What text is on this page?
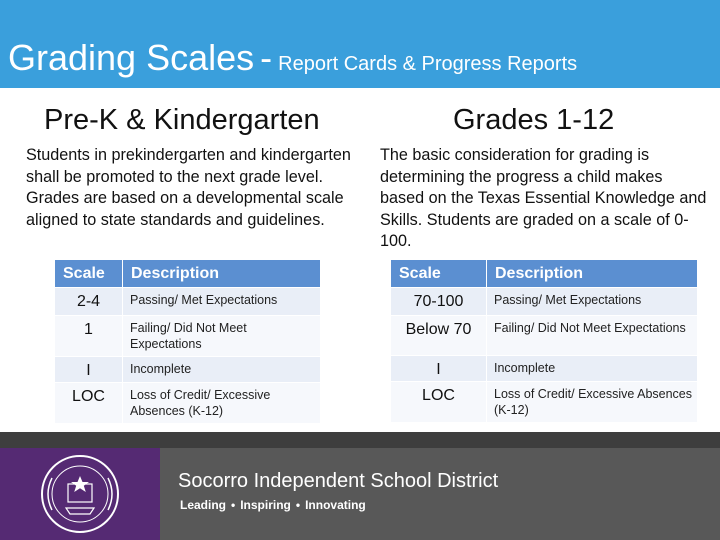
Grading Scales - Report Cards & Progress Reports
Pre-K & Kindergarten	Grades 1-12
Students in prekindergarten and kindergarten shall be promoted to the next grade level. Grades are based on a developmental scale aligned to state standards and guidelines.
The basic consideration for grading is determining the progress a child makes based on the Texas Essential Knowledge and Skills. Students are graded on a scale of 0-100.
Scale	Description
2-4	Passing/ Met Expectations
1	Failing/ Did Not Meet Expectations
I	Incomplete
LOC	Loss of Credit/ Excessive Absences (K-12)
Scale	Description
70-100	Passing/ Met Expectations
Below 70	Failing/ Did Not Meet Expectations
I	Incomplete
LOC	Loss of Credit/ Excessive Absences (K-12)
Socorro Independent School District
Leading • Inspiring • Innovating
